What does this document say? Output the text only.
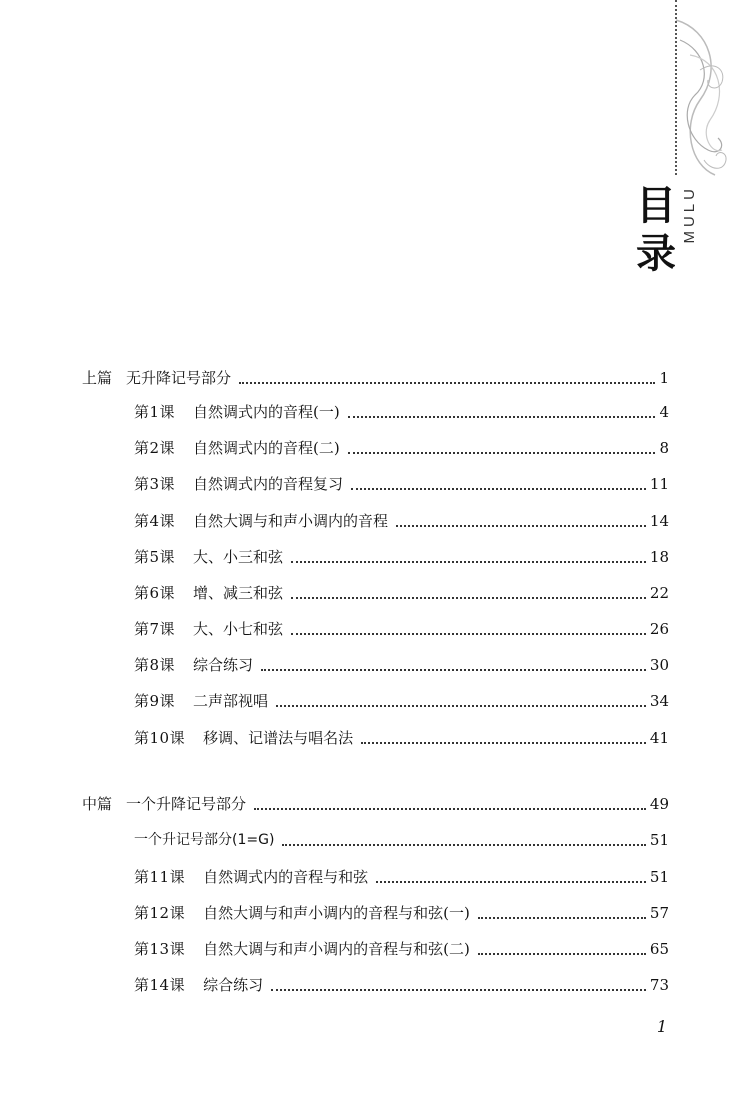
目
录
MULU
上篇 无升降记号部分	1
第1课 自然调式内的音程(一)	4
第2课 自然调式内的音程(二)	8
第3课 自然调式内的音程复习	11
第4课 自然大调与和声小调内的音程	14
第5课 大、小三和弦	18
第6课 增、减三和弦	22
第7课 大、小七和弦	26
第8课 综合练习	30
第9课 二声部视唱	34
第10课 移调、记谱法与唱名法	41
中篇 一个升降记号部分	49
一个升记号部分(1=G)	51
第11课 自然调式内的音程与和弦	51
第12课 自然大调与和声小调内的音程与和弦(一)	57
第13课 自然大调与和声小调内的音程与和弦(二)	65
第14课 综合练习	73
1
